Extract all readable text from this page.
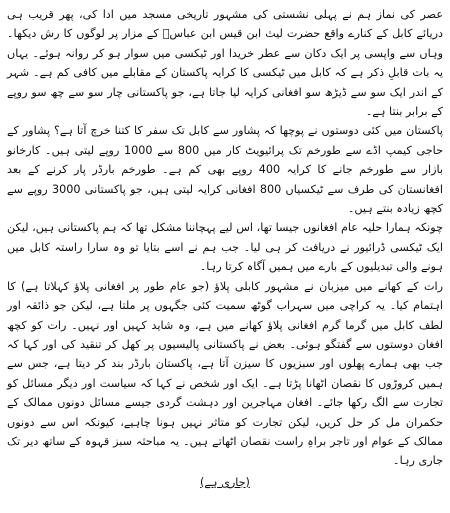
عصر کی نماز ہم نے پہلی نشستی کی مشہور تاریخی مسجد میں ادا کی، پھر قریب ہی دریائے کابل کے کنارے واقع حضرت لیث ابن قیس ابن عباسؓ کے مزار پر لوگوں کا رش دیکھا۔ وہاں سے واپسی پر ایک دکان سے عطر خریدا اور ٹیکسی میں سوار ہو کر روانہ ہوئے۔ یہاں یہ بات قابلِ ذکر ہے کہ کابل میں ٹیکسی کا کرایہ پاکستان کے مقابلے میں کافی کم ہے۔ شہر کے اندر ایک سو سے ڈیڑھ سو افغانی کرایہ لیا جاتا ہے، جو پاکستانی چار سو سے چھ سو روپے کے برابر بنتا ہے۔

پاکستان میں کئی دوستوں نے پوچھا کہ پشاور سے کابل تک سفر کا کتنا خرچ آتا ہے؟ پشاور کے حاجی کیمپ اڈے سے طورخم تک پرائیویٹ کار میں 800 سے 1000 روپے لیتی ہیں۔ کارخانو بازار سے طورخم جانے کا کرایہ 400 روپے بھی کم ہے۔ طورخم بارڈر پار کرنے کے بعد افغانستان کی طرف سے ٹیکسیاں 800 افغانی کرایہ لیتی ہیں، جو پاکستانی 3000 روپے سے کچھ زیادہ بنتے ہیں۔

چونکہ ہمارا حلیہ عام افغانوں جیسا تھا، اس لیے پہچاننا مشکل تھا کہ ہم پاکستانی ہیں، لیکن ایک ٹیکسی ڈرائیور نے دریافت کر ہی لیا۔ جب ہم نے اسے بتایا تو وہ سارا راستہ کابل میں ہونے والی تبدیلیوں کے بارے میں ہمیں آگاہ کرتا رہا۔

رات کے کھانے میں میزبان نے مشہور کابلی پلاؤ (جو عام طور پر افغانی پلاؤ کہلاتا ہے) کا اہتمام کیا۔ یہ کراچی میں سہراب گوٹھ سمیت کئی جگہوں پر ملتا ہے، لیکن جو ذائقہ اور لطف کابل میں گرما گرم افغانی پلاؤ کھانے میں ہے، وہ شاید کہیں اور نہیں۔ رات کو کچھ افغان دوستوں سے گفتگو ہوئی۔ بعض نے پاکستانی پالیسیوں پر کھل کر تنقید کی اور کہا کہ جب بھی ہمارے پھلوں اور سبزیوں کا سیزن آتا ہے، پاکستان بارڈر بند کر دیتا ہے، جس سے ہمیں کروڑوں کا نقصان اٹھانا پڑتا ہے۔ ایک اور شخص نے کہا کہ سیاست اور دیگر مسائل کو تجارت سے الگ رکھا جائے۔ افغان مہاجرین اور دہشت گردی جیسے مسائل دونوں ممالک کے حکمران مل کر حل کریں، لیکن تجارت کو متاثر نہیں ہونا چاہیے، کیونکہ اس سے دونوں ممالک کے عوام اور تاجر براہِ راست نقصان اٹھاتے ہیں۔ یہ مباحثہ سبز قہوہ کے ساتھ دیر تک جاری رہا۔

(جاری ہے)
